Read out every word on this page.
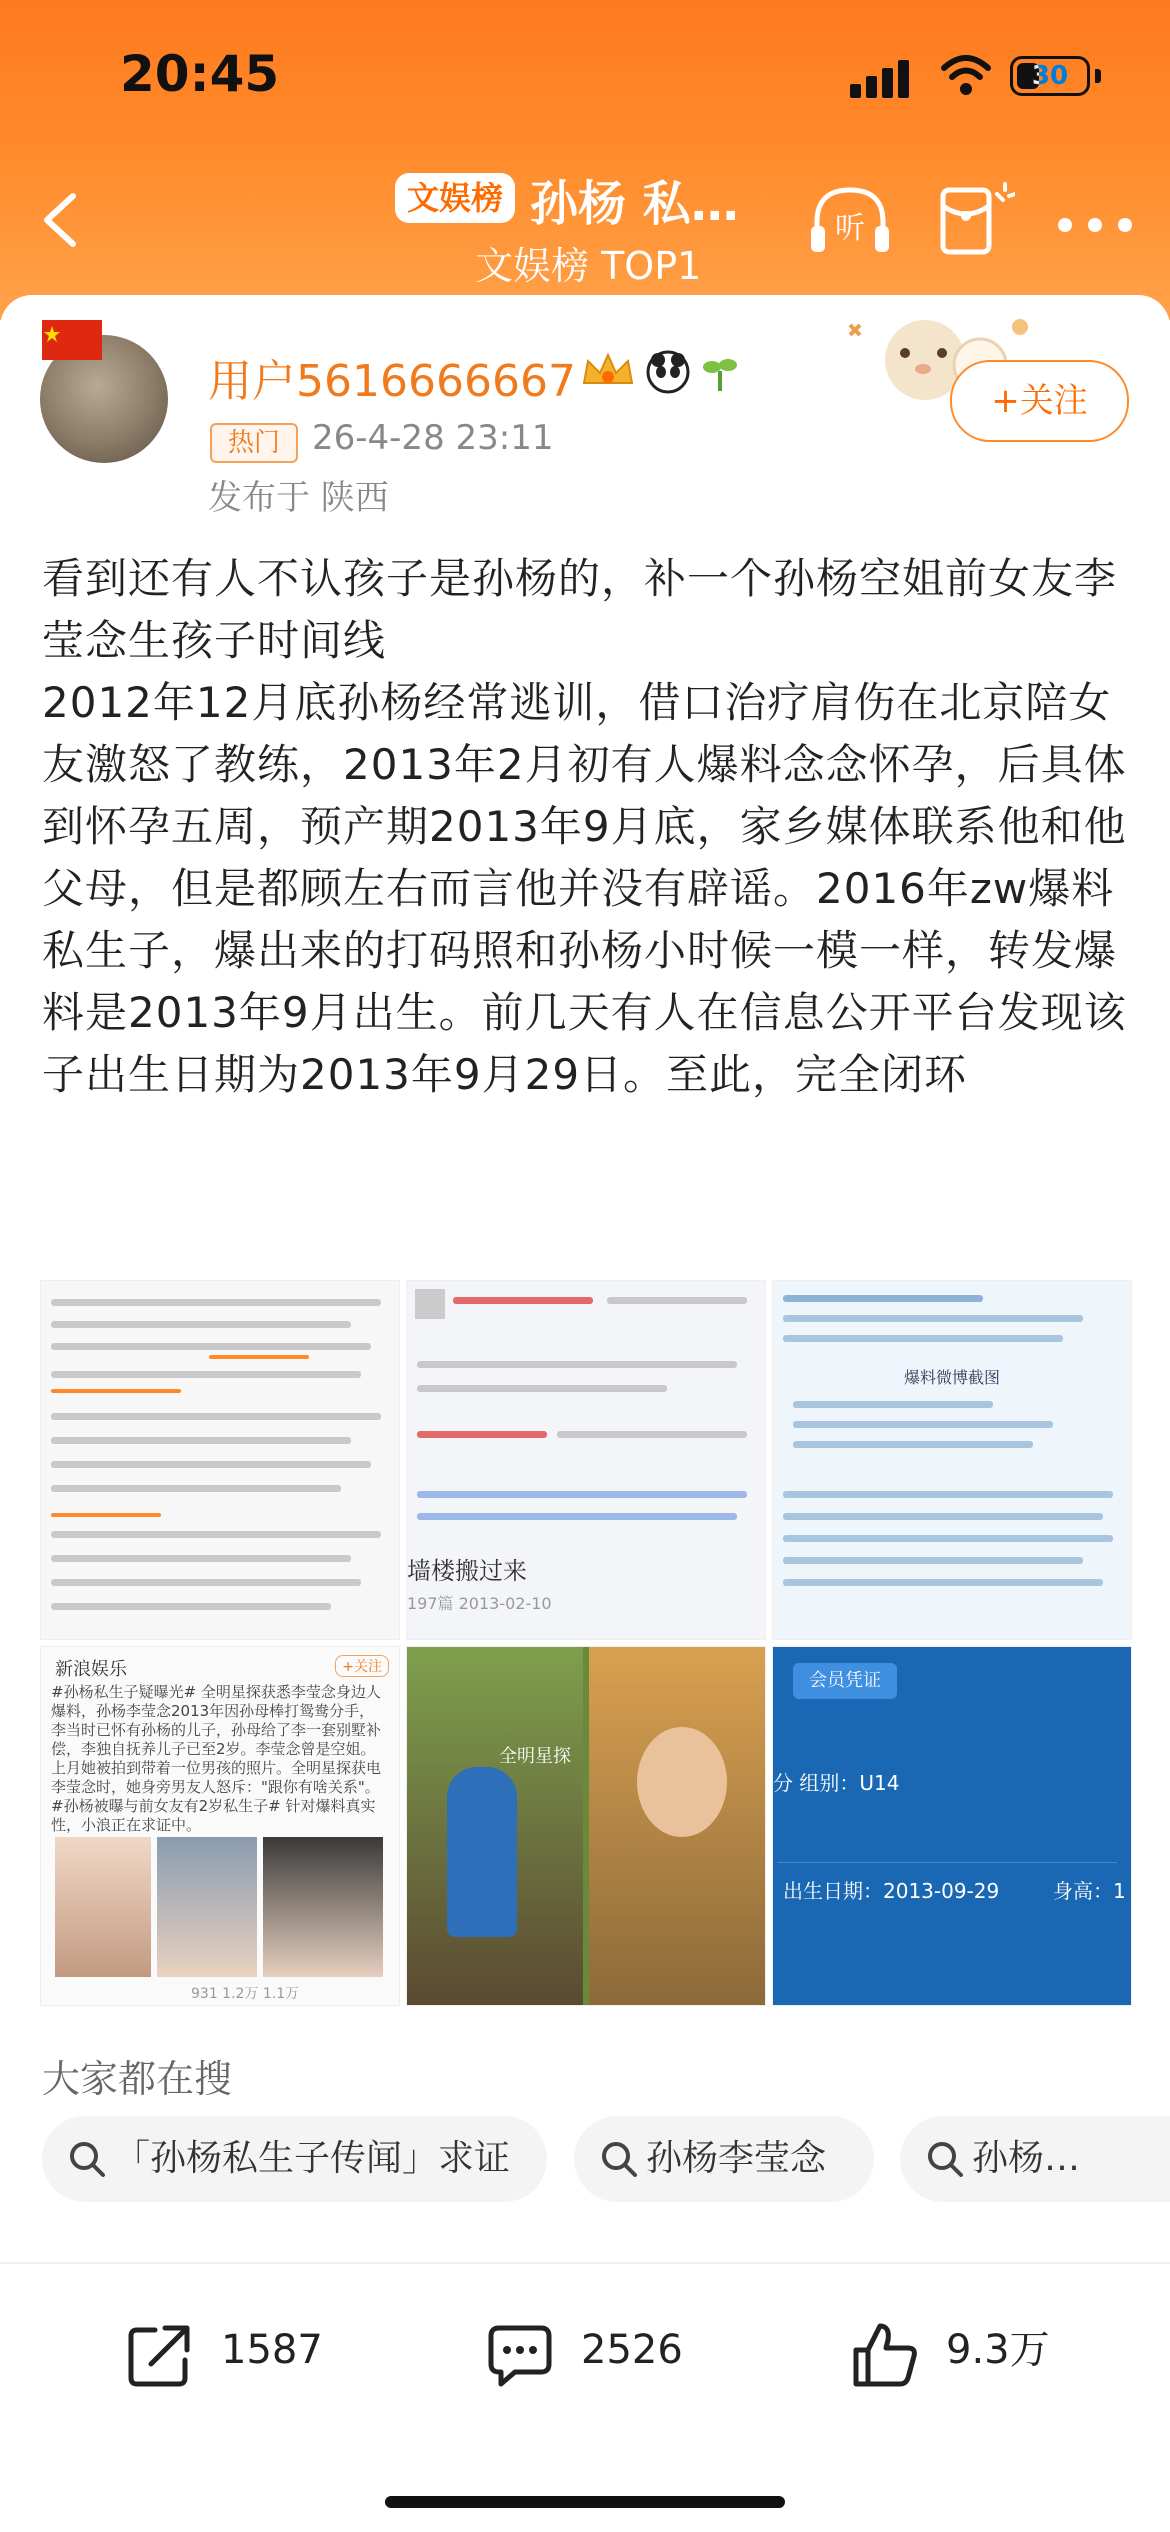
20:45	30
文娱榜 孙杨 私…
文娱榜 TOP1
听
用户5616666667
热门 26-4-28 23:11
发布于 陕西
+关注
看到还有人不认孩子是孙杨的，补一个孙杨空姐前女友李莹念生孩子时间线
2012年12月底孙杨经常逃训，借口治疗肩伤在北京陪女友激怒了教练，2013年2月初有人爆料念念怀孕，后具体到怀孕五周，预产期2013年9月底，家乡媒体联系他和他父母，但是都顾左右而言他并没有辟谣。2016年zw爆料私生子，爆出来的打码照和孙杨小时候一模一样，转发爆料是2013年9月出生。前几天有人在信息公开平台发现该子出生日期为2013年9月29日。至此，完全闭环
墙楼搬过来
197篇 2013-02-10
爆料微博截图
新浪娱乐	+关注
#孙杨私生子疑曝光# 全明星探获悉李莹念身边人爆料，孙杨李莹念2013年因孙母棒打鸳鸯分手，李当时已怀有孙杨的儿子，孙母给了李一套别墅补偿，李独自抚养儿子已至2岁。李莹念曾是空姐。上月她被拍到带着一位男孩的照片。全明星探获电李莹念时，她身旁男友人怒斥："跟你有啥关系"。#孙杨被曝与前女友有2岁私生子# 针对爆料真实性，小浪正在求证中。
931 1.2万 1.1万
全明星探
会员凭证
分 组别：U14
出生日期：2013-09-29	身高：1
大家都在搜
「孙杨私生子传闻」求证	孙杨李莹念	孙杨…
1587	2526	9.3万
